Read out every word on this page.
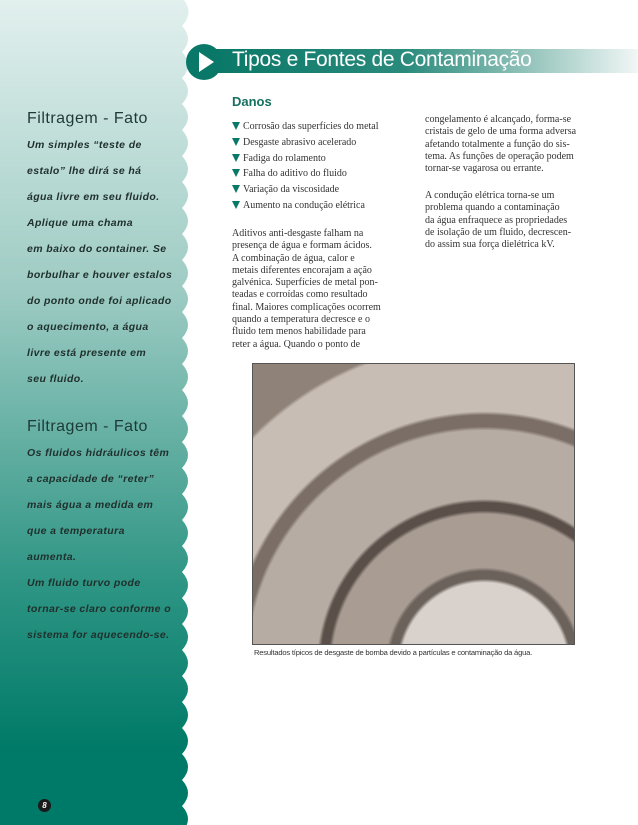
Filtragem - Fato
Um simples “teste de
estalo” lhe dirá se há
água livre em seu fluido.
Aplique uma chama
em baixo do container. Se
borbulhar e houver estalos
do ponto onde foi aplicado
o aquecimento, a água
livre está presente em
seu fluido.
Filtragem - Fato
Os fluidos hidráulicos têm
a capacidade de “reter”
mais água a medida em
que a temperatura
aumenta.
Um fluido turvo pode
tornar-se claro conforme o
sistema for aquecendo-se.
8
Tipos e Fontes de Contaminação
Danos
Corrosão das superfícies do metal
Desgaste abrasivo acelerado
Fadiga do rolamento
Falha do aditivo do fluido
Variação da viscosidade
Aumento na condução elétrica
Aditivos anti-desgaste falham na
presença de água e formam ácidos.
A combinação de água, calor e
metais diferentes encorajam a ação
galvénica. Superfícies de metal pon-
teadas e corroídas como resultado
final. Maiores complicações ocorrem
quando a temperatura decresce e o
fluido tem menos habilidade para
reter a água. Quando o ponto de
congelamento é alcançado, forma-se
cristais de gelo de uma forma adversa
afetando totalmente a função do sis-
tema. As funções de operação podem
tornar-se vagarosa ou errante.
A condução elétrica torna-se um
problema quando a contaminação
da água enfraquece as propriedades
de isolação de um fluido, decrescen-
do assim sua força dielétrica kV.
Resultados típicos de desgaste de bomba devido a partículas e contaminação da água.
